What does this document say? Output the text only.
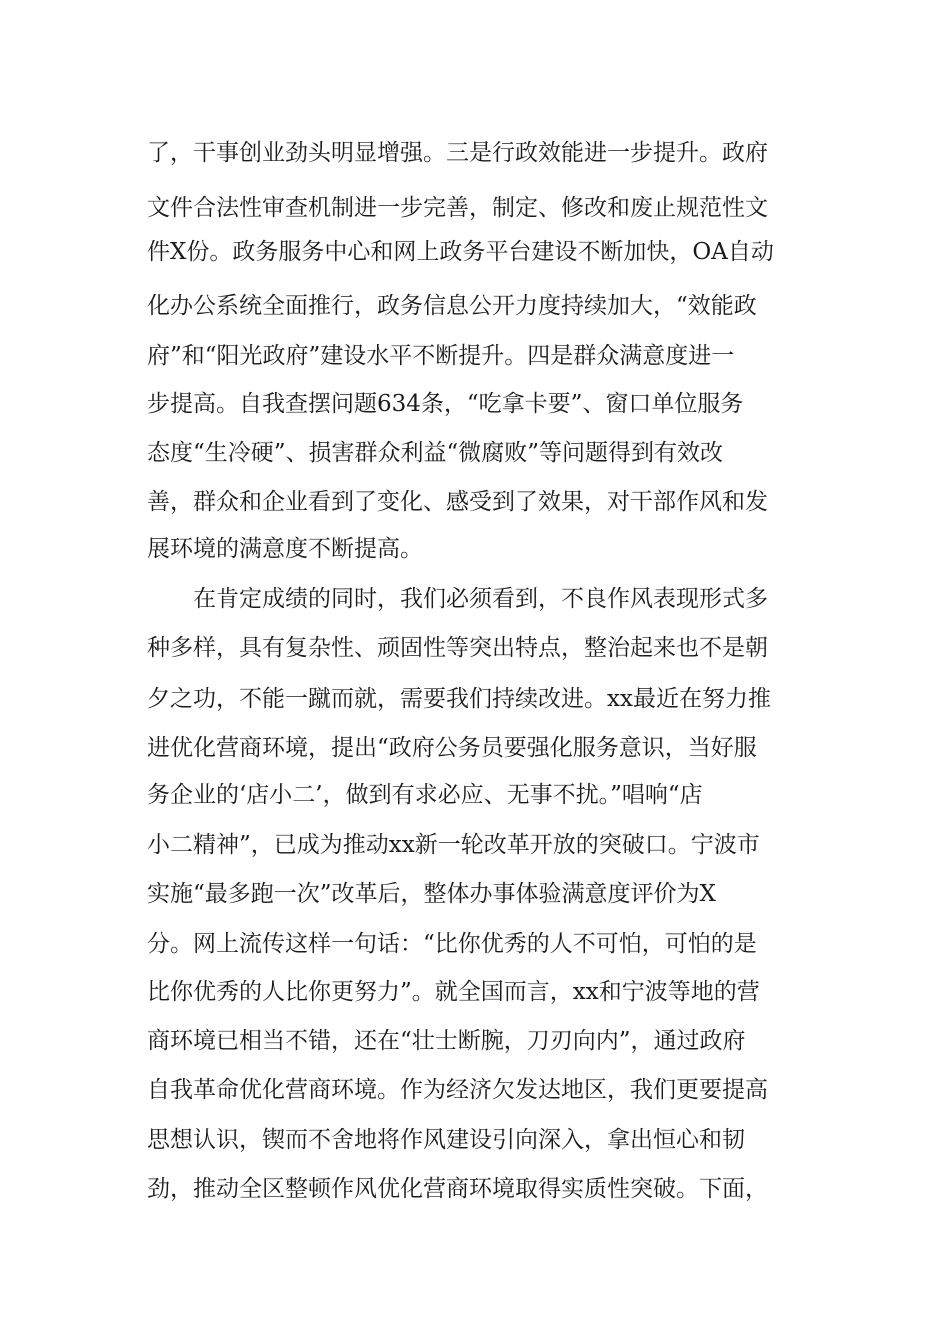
了，干事创业劲头明显增强。三是行政效能进一步提升。政府
文件合法性审查机制进一步完善，制定、修改和废止规范性文
件X份。政务服务中心和网上政务平台建设不断加快，OA自动
化办公系统全面推行，政务信息公开力度持续加大，“效能政
府”和“阳光政府”建设水平不断提升。四是群众满意度进一
步提高。自我查摆问题634条，“吃拿卡要”、窗口单位服务
态度“生冷硬”、损害群众利益“微腐败”等问题得到有效改
善，群众和企业看到了变化、感受到了效果，对干部作风和发
展环境的满意度不断提高。
在肯定成绩的同时，我们必须看到，不良作风表现形式多
种多样，具有复杂性、顽固性等突出特点，整治起来也不是朝
夕之功，不能一蹴而就，需要我们持续改进。xx最近在努力推
进优化营商环境，提出“政府公务员要强化服务意识，当好服
务企业的‘店小二’，做到有求必应、无事不扰。”唱响“店
小二精神”，已成为推动xx新一轮改革开放的突破口。宁波市
实施“最多跑一次”改革后，整体办事体验满意度评价为X
分。网上流传这样一句话：“比你优秀的人不可怕，可怕的是
比你优秀的人比你更努力”。就全国而言，xx和宁波等地的营
商环境已相当不错，还在“壮士断腕，刀刃向内”，通过政府
自我革命优化营商环境。作为经济欠发达地区，我们更要提高
思想认识，锲而不舍地将作风建设引向深入，拿出恒心和韧
劲，推动全区整顿作风优化营商环境取得实质性突破。下面，
